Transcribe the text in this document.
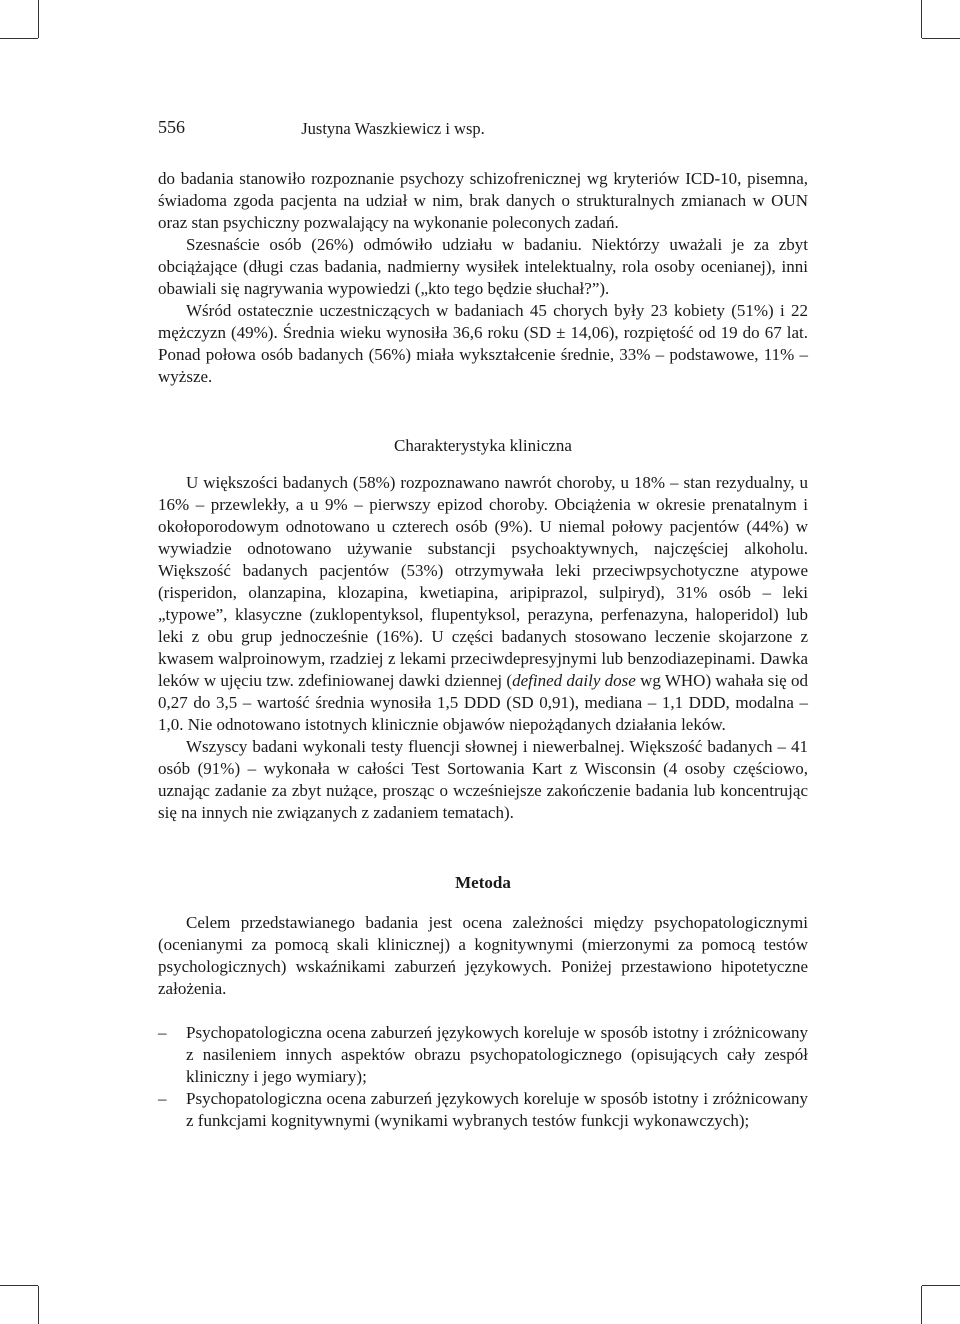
556	Justyna Waszkiewicz i wsp.

do badania stanowiło rozpoznanie psychozy schizofrenicznej wg kryteriów ICD-10, pisemna, świadoma zgoda pacjenta na udział w nim, brak danych o strukturalnych zmianach w OUN oraz stan psychiczny pozwalający na wykonanie poleconych zadań.

Szesnaście osób (26%) odmówiło udziału w badaniu. Niektórzy uważali je za zbyt obciążające (długi czas badania, nadmierny wysiłek intelektualny, rola osoby ocenianej), inni obawiali się nagrywania wypowiedzi („kto tego będzie słuchał?”).

Wśród ostatecznie uczestniczących w badaniach 45 chorych były 23 kobiety (51%) i 22 mężczyzn (49%). Średnia wieku wynosiła 36,6 roku (SD ± 14,06), rozpiętość od 19 do 67 lat. Ponad połowa osób badanych (56%) miała wykształcenie średnie, 33% – podstawowe, 11% – wyższe.

Charakterystyka kliniczna

U większości badanych (58%) rozpoznawano nawrót choroby, u 18% – stan rezydualny, u 16% – przewlekły, a u 9% – pierwszy epizod choroby. Obciążenia w okresie prenatalnym i okołoporodowym odnotowano u czterech osób (9%). U niemal połowy pacjentów (44%) w wywiadzie odnotowano używanie substancji psychoaktywnych, najczęściej alkoholu. Większość badanych pacjentów (53%) otrzymywała leki przeciwpsychotyczne atypowe (risperidon, olanzapina, klozapina, kwetiapina, aripiprazol, sulpiryd), 31% osób – leki „typowe”, klasyczne (zuklopentyksol, flupentyksol, perazyna, perfenazyna, haloperidol) lub leki z obu grup jednocześnie (16%). U części badanych stosowano leczenie skojarzone z kwasem walproinowym, rzadziej z lekami przeciwdepresyjnymi lub benzodiazepinami. Dawka leków w ujęciu tzw. zdefiniowanej dawki dziennej (defined daily dose wg WHO) wahała się od 0,27 do 3,5 – wartość średnia wynosiła 1,5 DDD (SD 0,91), mediana – 1,1 DDD, modalna – 1,0. Nie odnotowano istotnych klinicznie objawów niepożądanych działania leków.

Wszyscy badani wykonali testy fluencji słownej i niewerbalnej. Większość badanych – 41 osób (91%) – wykonała w całości Test Sortowania Kart z Wisconsin (4 osoby częściowo, uznając zadanie za zbyt nużące, prosząc o wcześniejsze zakończenie badania lub koncentrując się na innych nie związanych z zadaniem tematach).

Metoda

Celem przedstawianego badania jest ocena zależności między psychopatologicznymi (ocenianymi za pomocą skali klinicznej) a kognitywnymi (mierzonymi za pomocą testów psychologicznych) wskaźnikami zaburzeń językowych. Poniżej przestawiono hipotetyczne założenia.

– Psychopatologiczna ocena zaburzeń językowych koreluje w sposób istotny i zróżnicowany z nasileniem innych aspektów obrazu psychopatologicznego (opisujących cały zespół kliniczny i jego wymiary);
– Psychopatologiczna ocena zaburzeń językowych koreluje w sposób istotny i zróżnicowany z funkcjami kognitywnymi (wynikami wybranych testów funkcji wykonawczych);
